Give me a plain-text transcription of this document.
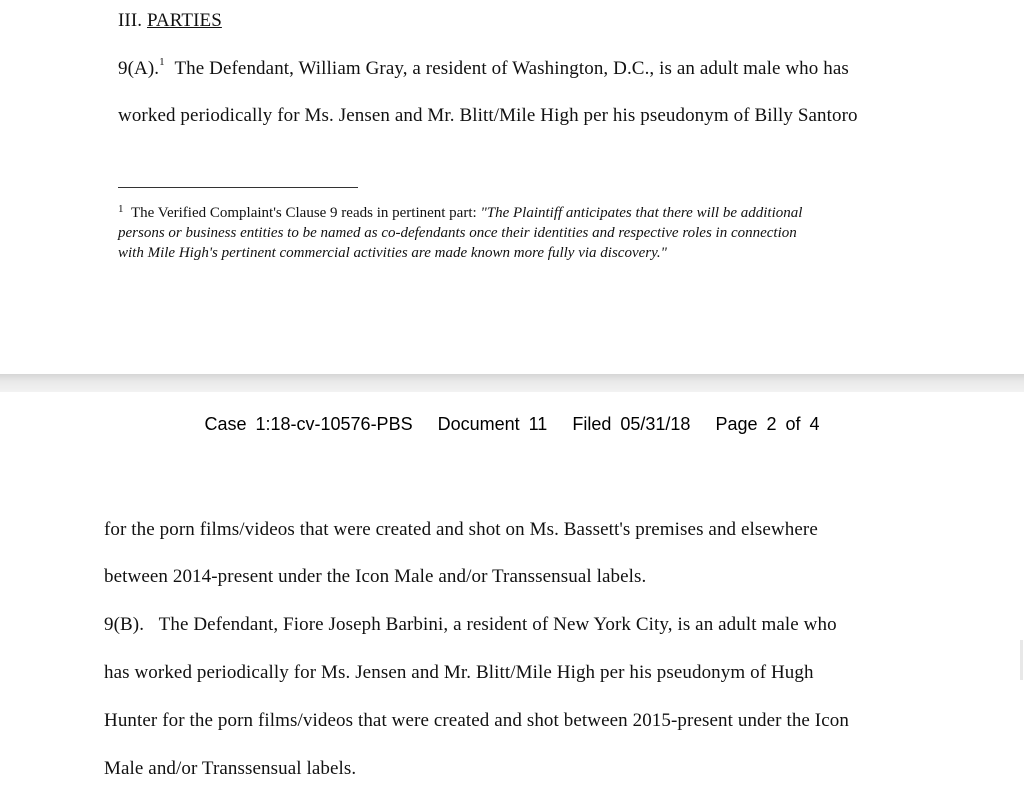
III. PARTIES
9(A).$^1$ The Defendant, William Gray, a resident of Washington, D.C., is an adult male who has
worked periodically for Ms. Jensen and Mr. Blitt/Mile High per his pseudonym of Billy Santoro
$^1$ The Verified Complaint's Clause 9 reads in pertinent part: "The Plaintiff anticipates that there will be additional
persons or business entities to be named as co-defendants once their identities and respective roles in connection
with Mile High's pertinent commercial activities are made known more fully via discovery."
Case 1:18-cv-10576-PBS Document 11 Filed 05/31/18 Page 2 of 4
for the porn films/videos that were created and shot on Ms. Bassett's premises and elsewhere
between 2014-present under the Icon Male and/or Transsensual labels.
9(B). The Defendant, Fiore Joseph Barbini, a resident of New York City, is an adult male who
has worked periodically for Ms. Jensen and Mr. Blitt/Mile High per his pseudonym of Hugh
Hunter for the porn films/videos that were created and shot between 2015-present under the Icon
Male and/or Transsensual labels.
